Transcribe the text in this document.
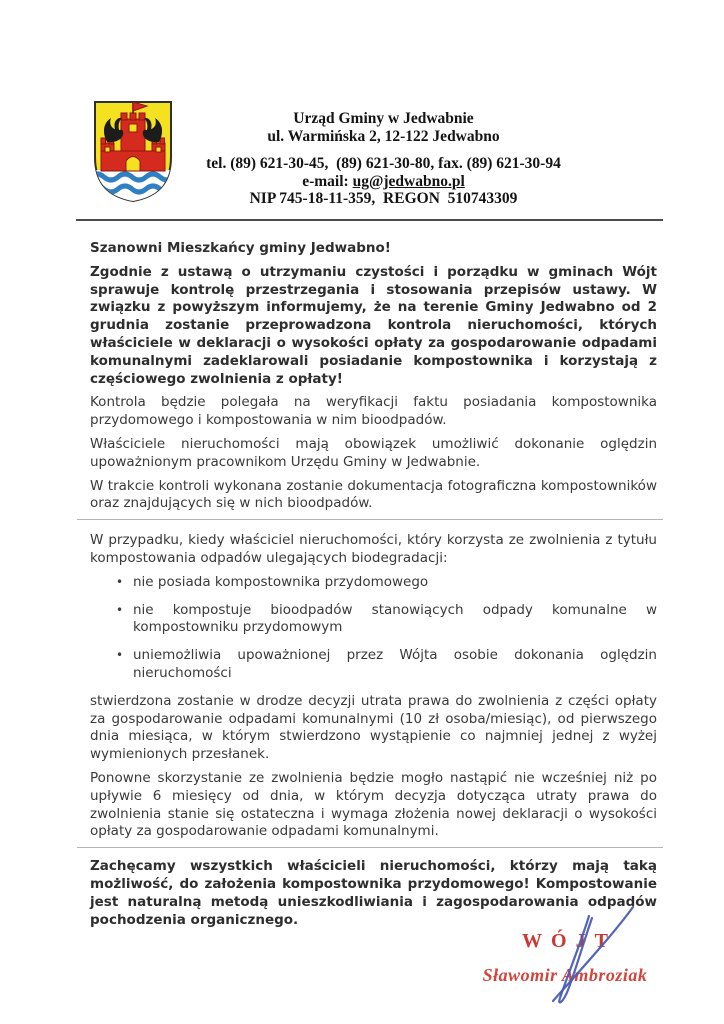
Urząd Gminy w Jedwabnie
ul. Warmińska 2, 12-122 Jedwabno
tel. (89) 621-30-45,  (89) 621-30-80, fax. (89) 621-30-94
e-mail: ug@jedwabno.pl
NIP 745-18-11-359,  REGON  510743309

Szanowni Mieszkańcy gminy Jedwabno!

Zgodnie z ustawą o utrzymaniu czystości i porządku w gminach Wójt sprawuje kontrolę przestrzegania i stosowania przepisów ustawy. W związku z powyższym informujemy, że na terenie Gminy Jedwabno od 2 grudnia zostanie przeprowadzona kontrola nieruchomości, których właściciele w deklaracji o wysokości opłaty za gospodarowanie odpadami komunalnymi zadeklarowali posiadanie kompostownika i korzystają z częściowego zwolnienia z opłaty!

Kontrola będzie polegała na weryfikacji faktu posiadania kompostownika przydomowego i kompostowania w nim bioodpadów.

Właściciele nieruchomości mają obowiązek umożliwić dokonanie oględzin upoważnionym pracownikom Urzędu Gminy w Jedwabnie.

W trakcie kontroli wykonana zostanie dokumentacja fotograficzna kompostowników oraz znajdujących się w nich bioodpadów.

W przypadku, kiedy właściciel nieruchomości, który korzysta ze zwolnienia z tytułu kompostowania odpadów ulegających biodegradacji:

• nie posiada kompostownika przydomowego
• nie kompostuje bioodpadów stanowiących odpady komunalne w kompostowniku przydomowym
• uniemożliwia upoważnionej przez Wójta osobie dokonania oględzin nieruchomości

stwierdzona zostanie w drodze decyzji utrata prawa do zwolnienia z części opłaty za gospodarowanie odpadami komunalnymi (10 zł osoba/miesiąc), od pierwszego dnia miesiąca, w którym stwierdzono wystąpienie co najmniej jednej z wyżej wymienionych przesłanek.

Ponowne skorzystanie ze zwolnienia będzie mogło nastąpić nie wcześniej niż po upływie 6 miesięcy od dnia, w którym decyzja dotycząca utraty prawa do zwolnienia stanie się ostateczna i wymaga złożenia nowej deklaracji o wysokości opłaty za gospodarowanie odpadami komunalnymi.

Zachęcamy wszystkich właścicieli nieruchomości, którzy mają taką możliwość, do założenia kompostownika przydomowego! Kompostowanie jest naturalną metodą unieszkodliwiania i zagospodarowania odpadów pochodzenia organicznego.

WÓJT
Sławomir Ambroziak
